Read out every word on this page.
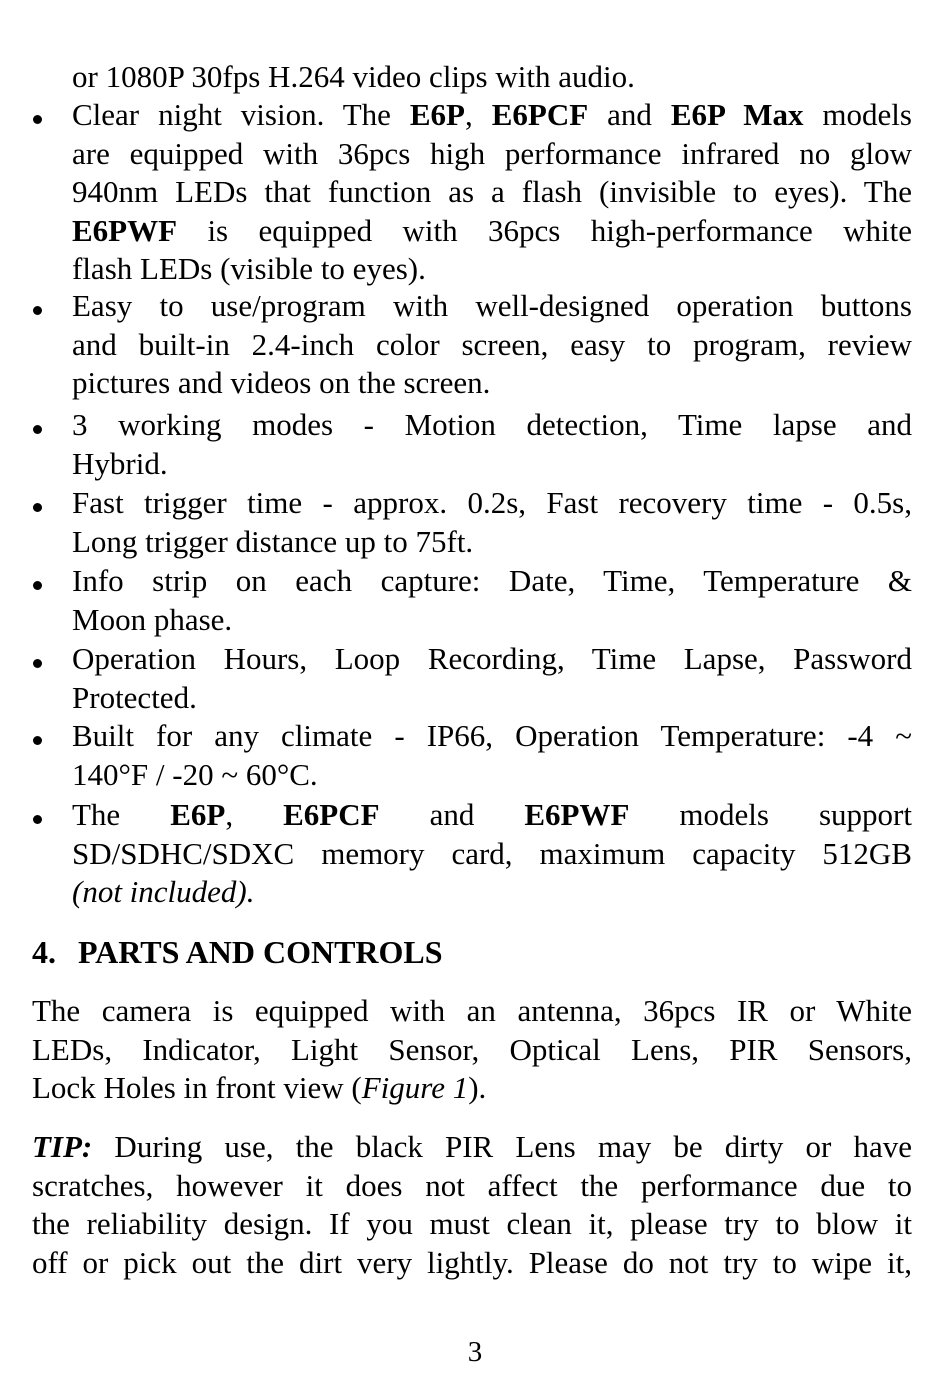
or 1080P 30fps H.264 video clips with audio.
Clear night vision. The E6P, E6PCF and E6P Max models
are equipped with 36pcs high performance infrared no glow
940nm LEDs that function as a flash (invisible to eyes). The
E6PWF is equipped with 36pcs high-performance white
flash LEDs (visible to eyes).
Easy to use/program with well-designed operation buttons
and built-in 2.4-inch color screen, easy to program, review
pictures and videos on the screen.
3 working modes - Motion detection, Time lapse and
Hybrid.
Fast trigger time - approx. 0.2s, Fast recovery time - 0.5s,
Long trigger distance up to 75ft.
Info strip on each capture: Date, Time, Temperature &
Moon phase.
Operation Hours, Loop Recording, Time Lapse, Password
Protected.
Built for any climate - IP66, Operation Temperature: -4 ~
140°F / -20 ~ 60°C.
The E6P, E6PCF and E6PWF models support
SD/SDHC/SDXC memory card, maximum capacity 512GB
(not included).
4. PARTS AND CONTROLS
The camera is equipped with an antenna, 36pcs IR or White
LEDs, Indicator, Light Sensor, Optical Lens, PIR Sensors,
Lock Holes in front view (Figure 1).
TIP: During use, the black PIR Lens may be dirty or have
scratches, however it does not affect the performance due to
the reliability design. If you must clean it, please try to blow it
off or pick out the dirt very lightly. Please do not try to wipe it,
3
